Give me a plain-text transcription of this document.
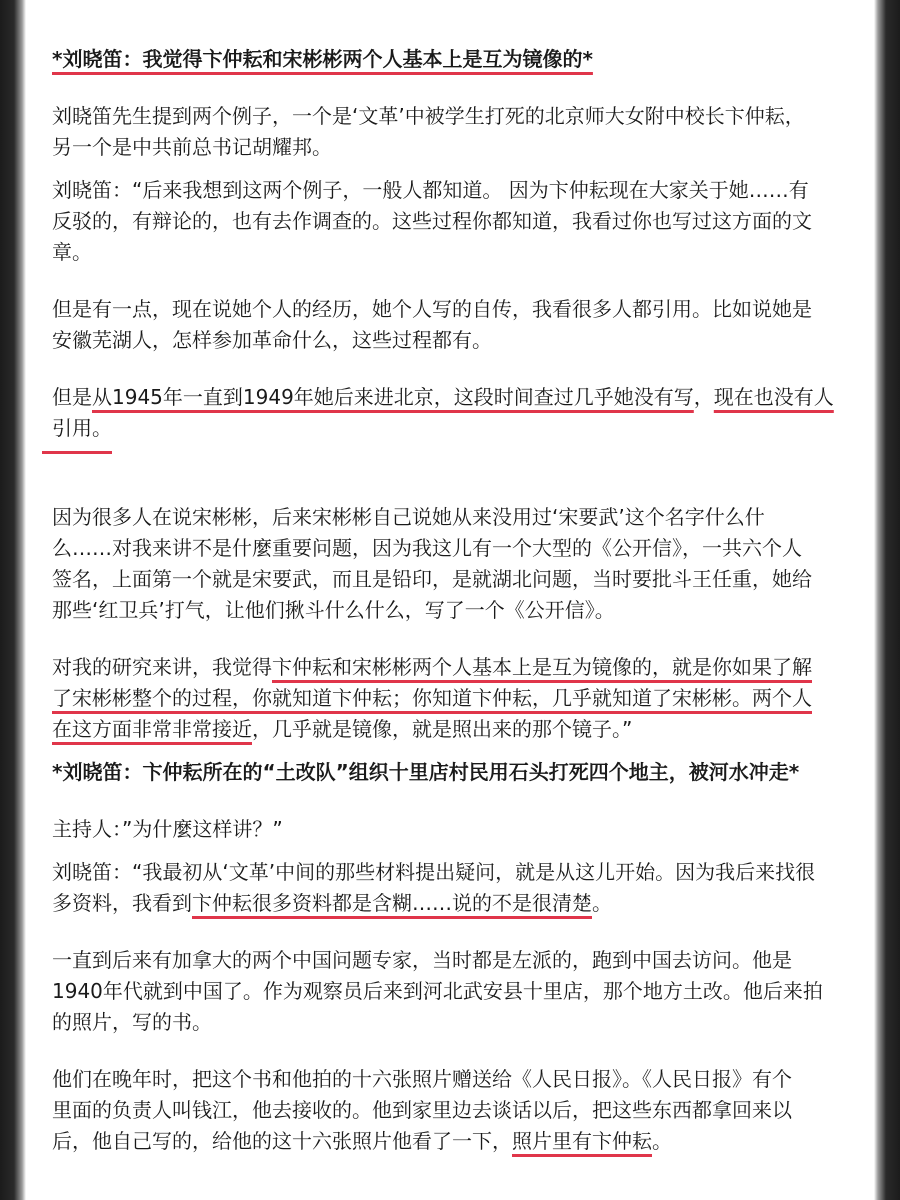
*刘晓笛：我觉得卞仲耘和宋彬彬两个人基本上是互为镜像的*
刘晓笛先生提到两个例子，一个是‘文革’中被学生打死的北京师大女附中校长卞仲耘，
另一个是中共前总书记胡耀邦。
刘晓笛：“后来我想到这两个例子，一般人都知道。 因为卞仲耘现在大家关于她……有
反驳的，有辩论的，也有去作调查的。这些过程你都知道，我看过你也写过这方面的文
章。
但是有一点，现在说她个人的经历，她个人写的自传，我看很多人都引用。比如说她是
安徽芜湖人，怎样参加革命什么，这些过程都有。
但是从1945年一直到1949年她后来进北京，这段时间查过几乎她没有写，现在也没有人
引用。
因为很多人在说宋彬彬，后来宋彬彬自己说她从来没用过‘宋要武’这个名字什么什
么……对我来讲不是什麼重要问题，因为我这儿有一个大型的《公开信》，一共六个人
签名，上面第一个就是宋要武，而且是铅印，是就湖北问题，当时要批斗王任重，她给
那些‘红卫兵’打气，让他们揪斗什么什么，写了一个《公开信》。
对我的研究来讲，我觉得卞仲耘和宋彬彬两个人基本上是互为镜像的，就是你如果了解
了宋彬彬整个的过程，你就知道卞仲耘；你知道卞仲耘，几乎就知道了宋彬彬。两个人
在这方面非常非常接近，几乎就是镜像，就是照出来的那个镜子。”
*刘晓笛：卞仲耘所在的“土改队”组织十里店村民用石头打死四个地主，被河水冲走*
主持人：”为什麼这样讲？”
刘晓笛：“我最初从‘文革’中间的那些材料提出疑问，就是从这儿开始。因为我后来找很
多资料，我看到卞仲耘很多资料都是含糊……说的不是很清楚。
一直到后来有加拿大的两个中国问题专家，当时都是左派的，跑到中国去访问。他是
1940年代就到中国了。作为观察员后来到河北武安县十里店，那个地方土改。他后来拍
的照片，写的书。
他们在晚年时，把这个书和他拍的十六张照片赠送给《人民日报》。《人民日报》有个
里面的负责人叫钱江，他去接收的。他到家里边去谈话以后，把这些东西都拿回来以
后，他自己写的，给他的这十六张照片他看了一下，照片里有卞仲耘。
